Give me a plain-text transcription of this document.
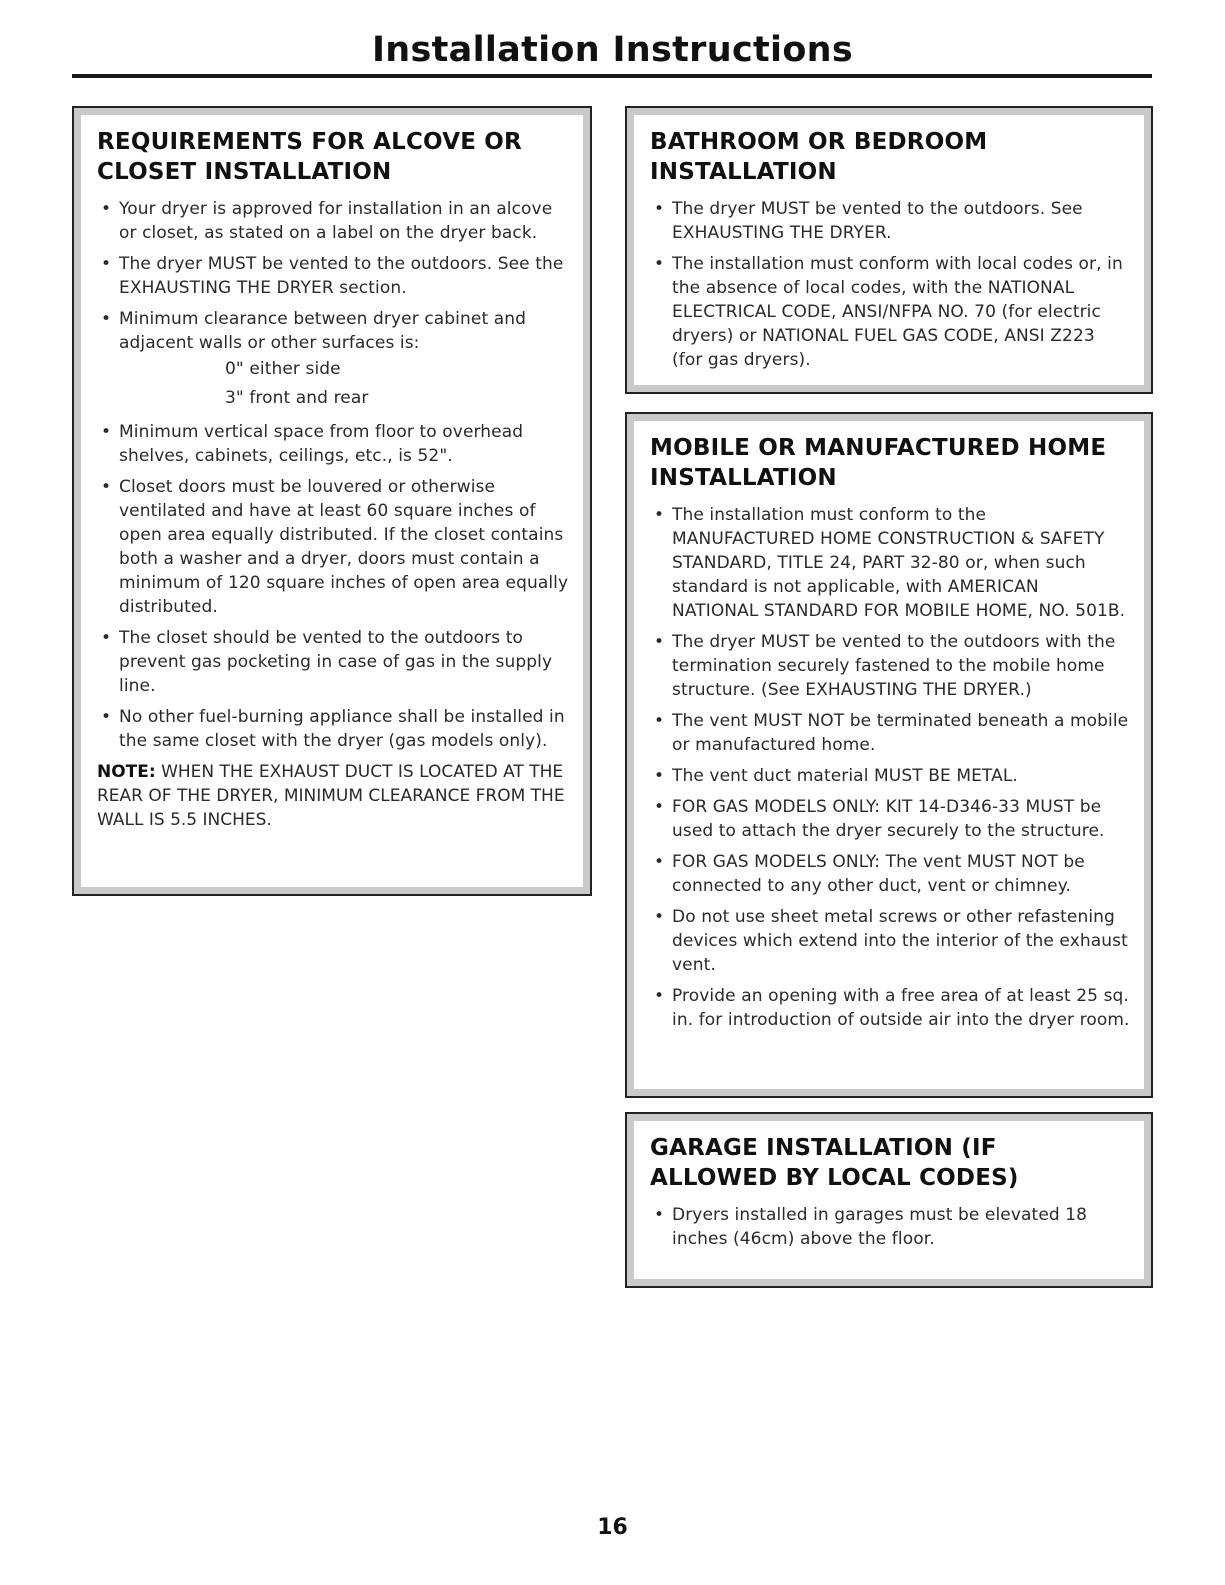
Installation Instructions
REQUIREMENTS FOR ALCOVE OR CLOSET INSTALLATION
• Your dryer is approved for installation in an alcove or closet, as stated on a label on the dryer back.
• The dryer MUST be vented to the outdoors. See the EXHAUSTING THE DRYER section.
• Minimum clearance between dryer cabinet and adjacent walls or other surfaces is:

0" either side

3" front and rear

• Minimum vertical space from floor to overhead shelves, cabinets, ceilings, etc., is 52".
• Closet doors must be louvered or otherwise ventilated and have at least 60 square inches of open area equally distributed. If the closet contains both a washer and a dryer, doors must contain a minimum of 120 square inches of open area equally distributed.
• The closet should be vented to the outdoors to prevent gas pocketing in case of gas in the supply line.
• No other fuel-burning appliance shall be installed in the same closet with the dryer (gas models only).
NOTE: WHEN THE EXHAUST DUCT IS LOCATED AT THE REAR OF THE DRYER, MINIMUM CLEARANCE FROM THE WALL IS 5.5 INCHES.
BATHROOM OR BEDROOM INSTALLATION
• The dryer MUST be vented to the outdoors. See EXHAUSTING THE DRYER.
• The installation must conform with local codes or, in the absence of local codes, with the NATIONAL ELECTRICAL CODE, ANSI/NFPA NO. 70 (for electric dryers) or NATIONAL FUEL GAS CODE, ANSI Z223 (for gas dryers).
MOBILE OR MANUFACTURED HOME INSTALLATION
• The installation must conform to the MANUFACTURED HOME CONSTRUCTION & SAFETY STANDARD, TITLE 24, PART 32-80 or, when such standard is not applicable, with AMERICAN NATIONAL STANDARD FOR MOBILE HOME, NO. 501B.
• The dryer MUST be vented to the outdoors with the termination securely fastened to the mobile home structure. (See EXHAUSTING THE DRYER.)
• The vent MUST NOT be terminated beneath a mobile or manufactured home.
• The vent duct material MUST BE METAL.
• FOR GAS MODELS ONLY: KIT 14-D346-33 MUST be used to attach the dryer securely to the structure.
• FOR GAS MODELS ONLY: The vent MUST NOT be connected to any other duct, vent or chimney.
• Do not use sheet metal screws or other refastening devices which extend into the interior of the exhaust vent.
• Provide an opening with a free area of at least 25 sq. in. for introduction of outside air into the dryer room.
GARAGE INSTALLATION (IF ALLOWED BY LOCAL CODES)
• Dryers installed in garages must be elevated 18 inches (46cm) above the floor.
16
